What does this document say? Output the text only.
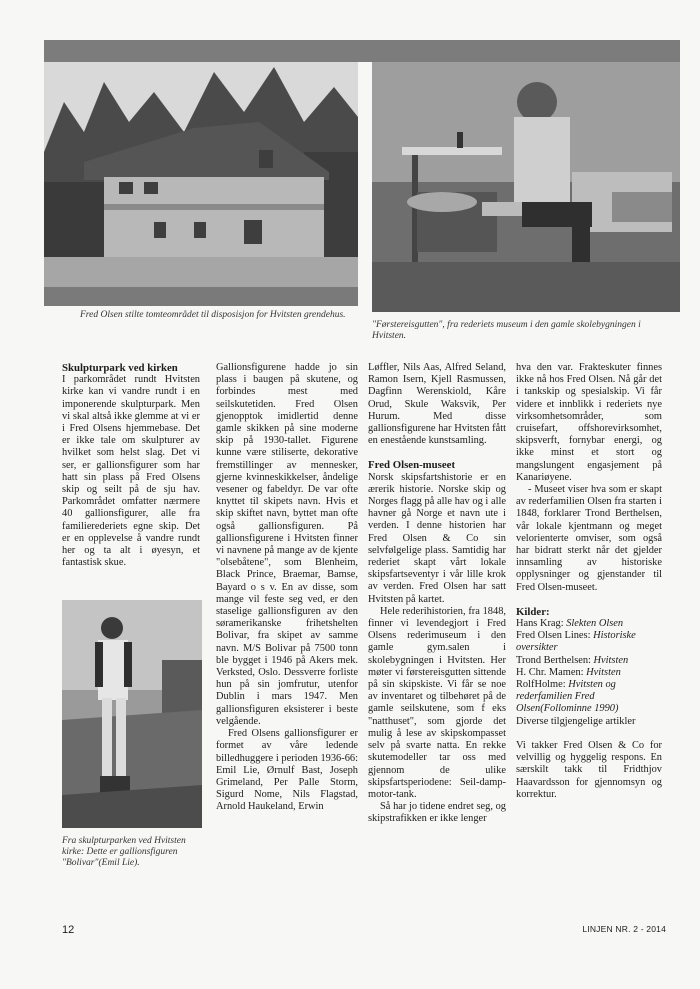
Fred Olsen stilte tomteområdet til disposisjon for Hvitsten grendehus.
"Førstereisgutten", fra rederiets museum i den gamle skolebygningen i Hvitsten.
Fra skulpturparken ved Hvitsten kirke: Dette er gallionsfiguren "Bolivar"(Emil Lie).
Skulpturpark ved kirken

I parkområdet rundt Hvitsten kirke kan vi vandre rundt i en imponerende skulpturpark. Men vi skal altså ikke glemme at vi er i Fred Olsens hjemmebase. Det er ikke tale om skulpturer av hvilket som helst slag. Det vi ser, er gallionsfigurer som har hatt sin plass på Fred Olsens skip og seilt på de sju hav. Parkområdet omfatter nærmere 40 gallionsfigurer, alle fra familierederiets egne skip. Det er en opplevelse å vandre rundt her og ta alt i øyesyn, et fantastisk skue.

Gallionsfigurene hadde jo sin plass i baugen på skutene, og forbindes mest med seilskutetiden. Fred Olsen gjenopptok imidlertid denne gamle skikken på sine moderne skip på 1930-tallet. Figurene kunne være stiliserte, dekorative fremstillinger av mennesker, gjerne kvinneskikkelser, åndelige vesener og fabeldyr. De var ofte knyttet til skipets navn. Hvis et skip skiftet navn, byttet man ofte også gallionsfiguren. På gallionsfigurene i Hvitsten finner vi navnene på mange av de kjente "olsebåtene", som Blenheim, Black Prince, Braemar, Bamse, Bayard o s v. En av disse, som mange vil feste seg ved, er den staselige gallionsfiguren av den søramerikanske frihetshelten Bolivar, fra skipet av samme navn. M/S Bolivar på 7500 tonn ble bygget i 1946 på Akers mek. Verksted, Oslo. Dessverre forliste hun på sin jomfrutur, utenfor Dublin i mars 1947. Men gallionsfiguren eksisterer i beste velgående.

Fred Olsens gallionsfigurer er formet av våre ledende billedhuggere i perioden 1936-66: Emil Lie, Ørnulf Bast, Joseph Grimeland, Per Palle Storm, Sigurd Nome, Nils Flagstad, Arnold Haukeland, Erwin

Løffler, Nils Aas, Alfred Seland, Ramon Isern, Kjell Rasmussen, Dagfinn Werenskiold, Kåre Orud, Skule Waksvik, Per Hurum. Med disse gallionsfigurene har Hvitsten fått en enestående kunstsamling.

Fred Olsen-museet

Norsk skipsfartshistorie er en ærerik historie. Norske skip og Norges flagg på alle hav og i alle havner gå Norge et navn ute i verden. I denne historien har Fred Olsen & Co sin selvfølgelige plass. Samtidig har rederiet skapt vårt lokale skipsfartseventyr i vår lille krok av verden. Fred Olsen har satt Hvitsten på kartet.

Hele rederihistorien, fra 1848, finner vi levendegjort i Fred Olsens rederimuseum i den gamle gym.salen i skolebygningen i Hvitsten. Her møter vi førstereisgutten sittende på sin skipskiste. Vi får se noe av inventaret og tilbehøret på de gamle seilskutene, som f eks "natthuset", som gjorde det mulig å lese av skipskompasset selv på svarte natta. En rekke skutemodeller tar oss med gjennom de ulike skipsfartsperiodene: Seil-damp-motor-tank.

Så har jo tidene endret seg, og skipstrafikken er ikke lenger

hva den var. Frakteskuter finnes ikke nå hos Fred Olsen. Nå går det i tankskip og spesialskip. Vi får videre et innblikk i rederiets nye virksomhetsområder, som cruisefart, offshorevirksomhet, skipsverft, fornybar energi, og ikke minst et stort og mangslungent engasjement på Kanariøyene.

- Museet viser hva som er skapt av rederfamilien Olsen fra starten i 1848, forklarer Trond Berthelsen, vår lokale kjentmann og meget velorienterte omviser, som også har bidratt sterkt når det gjelder innsamling av historiske opplysninger og gjenstander til Fred Olsen-museet.

Kilder:

Hans Krag: Slekten Olsen

Fred Olsen Lines: Historiske oversikter

Trond Berthelsen: Hvitsten

H. Chr. Mamen: Hvitsten

RolfHolme: Hvitsten og rederfamilien Fred Olsen(Follominne 1990)

Diverse tilgjengelige artikler

Vi takker Fred Olsen & Co for velvillig og hyggelig respons. En særskilt takk til Fridthjov Haavardsson for gjennomsyn og korrektur.

12	LINJEN NR. 2 - 2014
